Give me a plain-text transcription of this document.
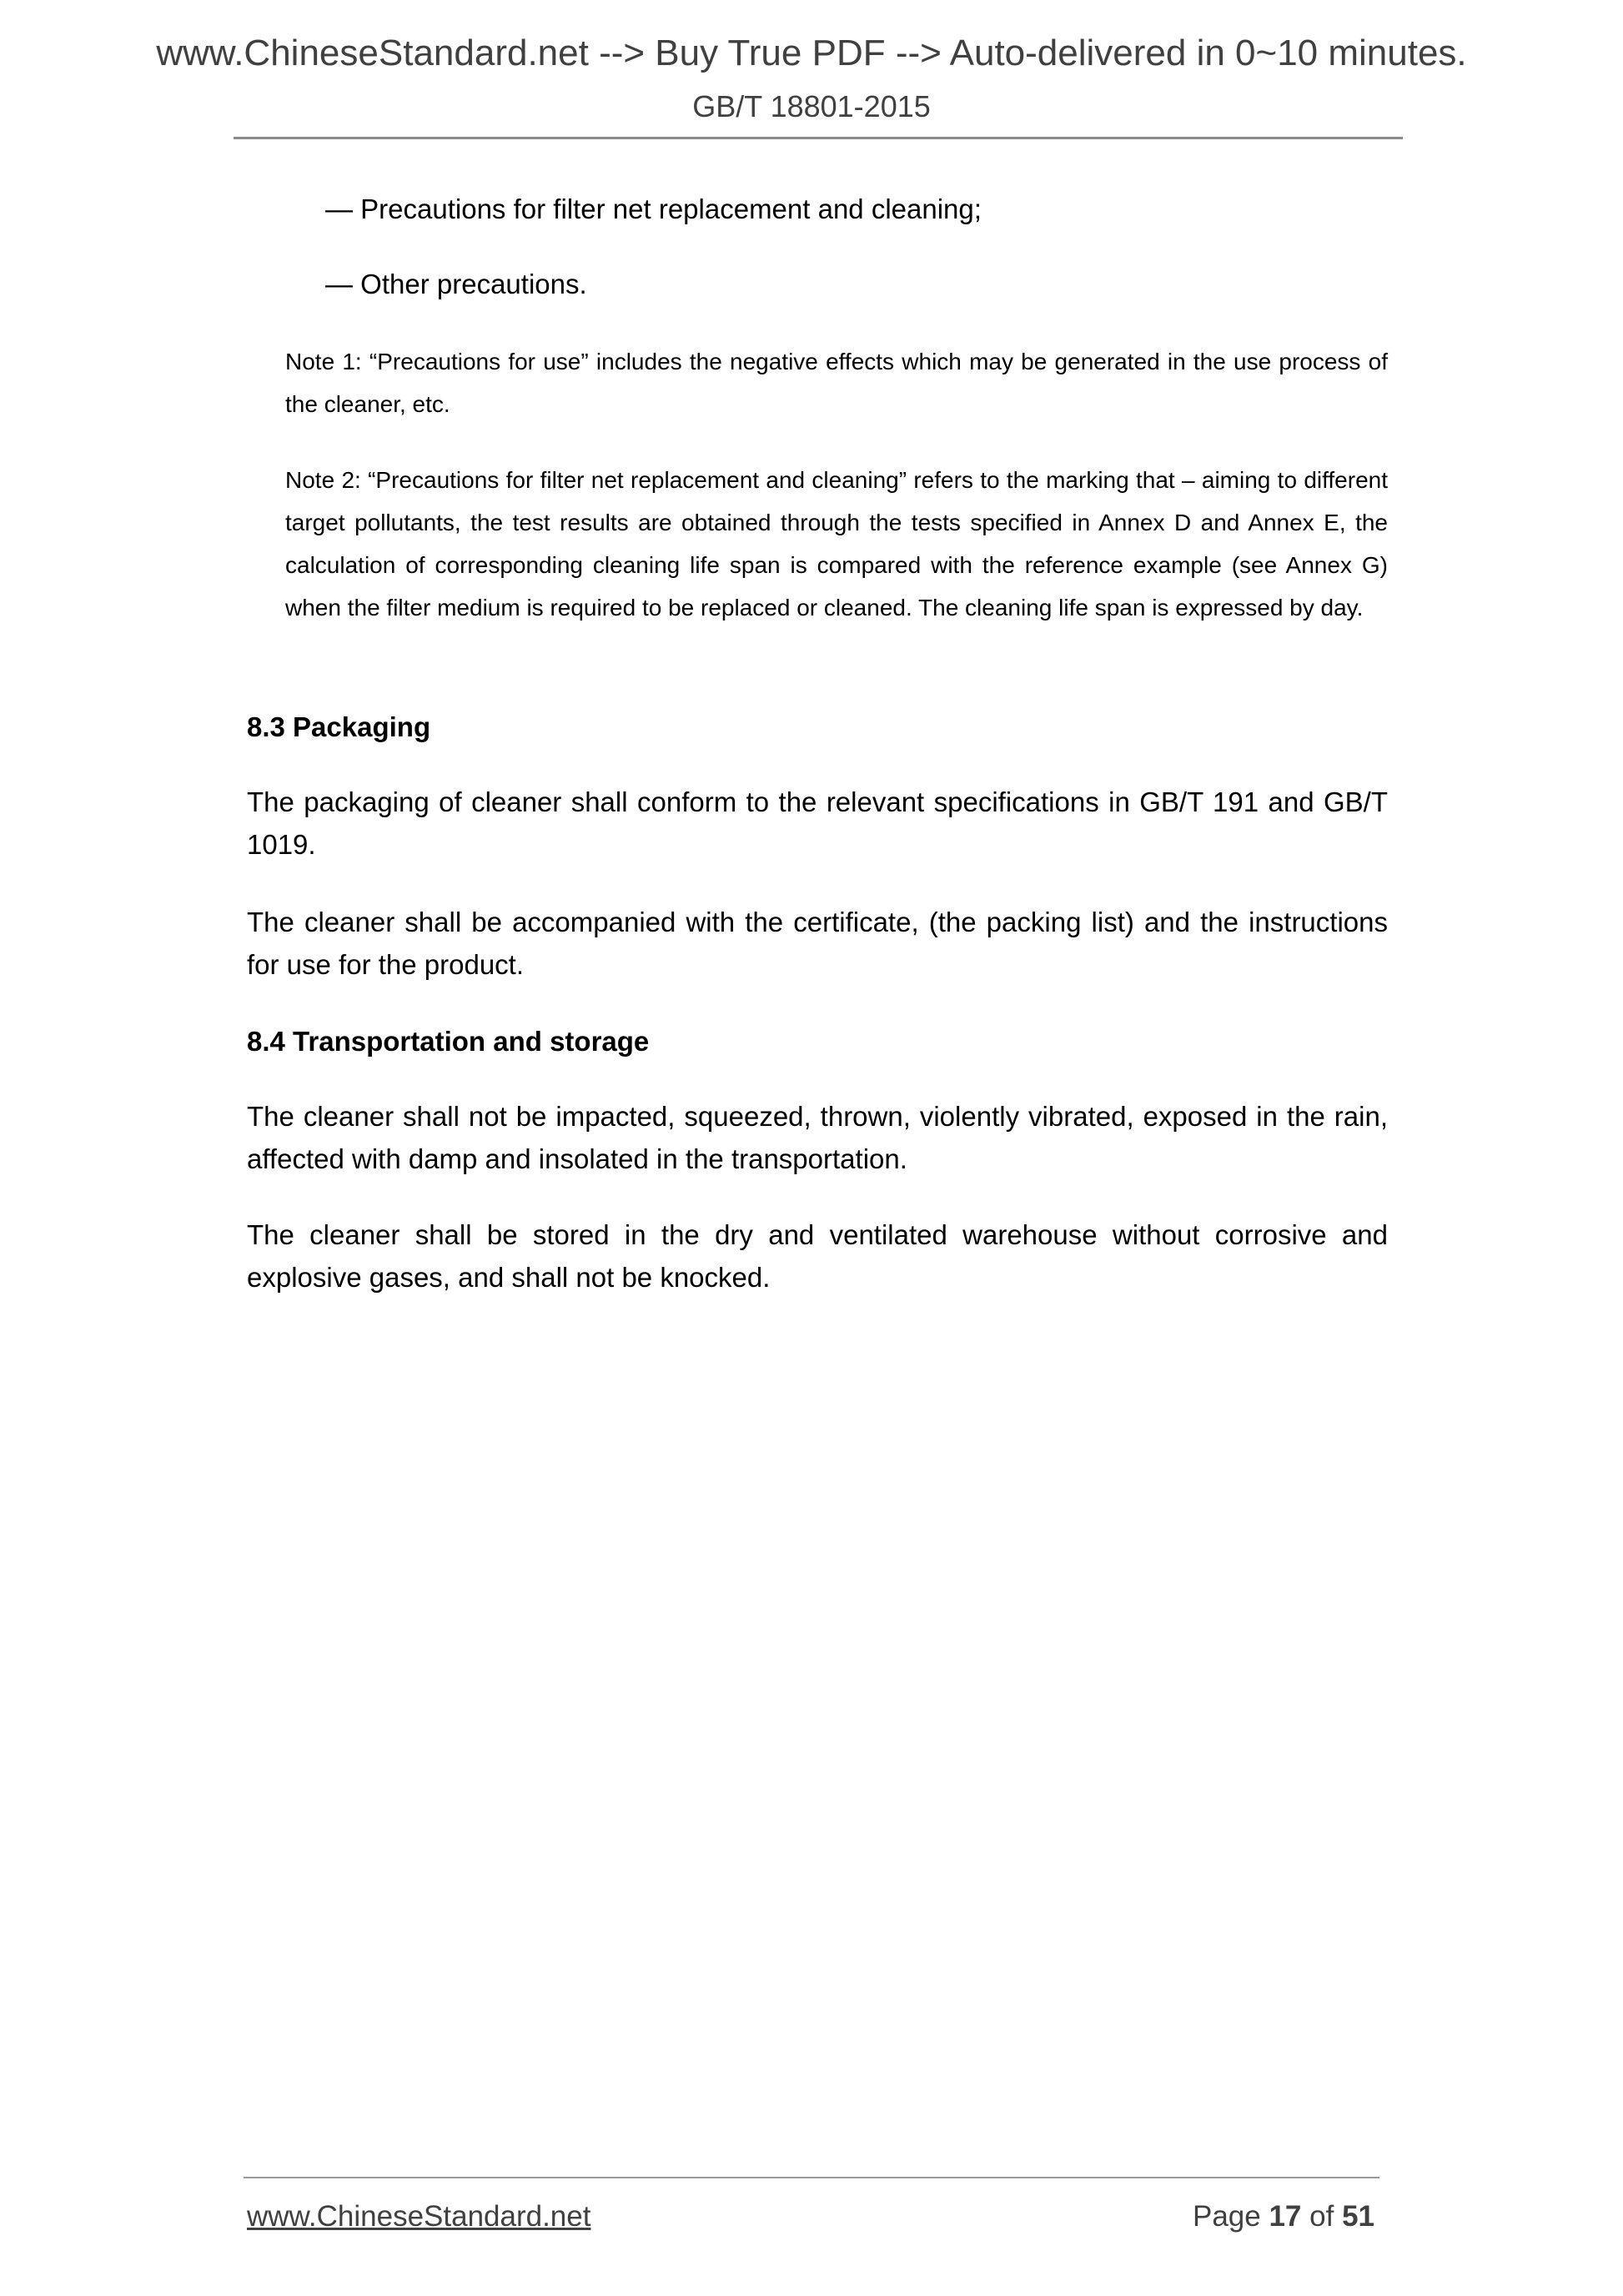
www.ChineseStandard.net --> Buy True PDF --> Auto-delivered in 0~10 minutes.
GB/T 18801-2015
— Precautions for filter net replacement and cleaning;
— Other precautions.
Note 1: “Precautions for use” includes the negative effects which may be generated in the use process of the cleaner, etc.
Note 2: “Precautions for filter net replacement and cleaning” refers to the marking that – aiming to different target pollutants, the test results are obtained through the tests specified in Annex D and Annex E, the calculation of corresponding cleaning life span is compared with the reference example (see Annex G) when the filter medium is required to be replaced or cleaned. The cleaning life span is expressed by day.
8.3 Packaging
The packaging of cleaner shall conform to the relevant specifications in GB/T 191 and GB/T 1019.
The cleaner shall be accompanied with the certificate, (the packing list) and the instructions for use for the product.
8.4 Transportation and storage
The cleaner shall not be impacted, squeezed, thrown, violently vibrated, exposed in the rain, affected with damp and insolated in the transportation.
The cleaner shall be stored in the dry and ventilated warehouse without corrosive and explosive gases, and shall not be knocked.
www.ChineseStandard.net	Page 17 of 51
